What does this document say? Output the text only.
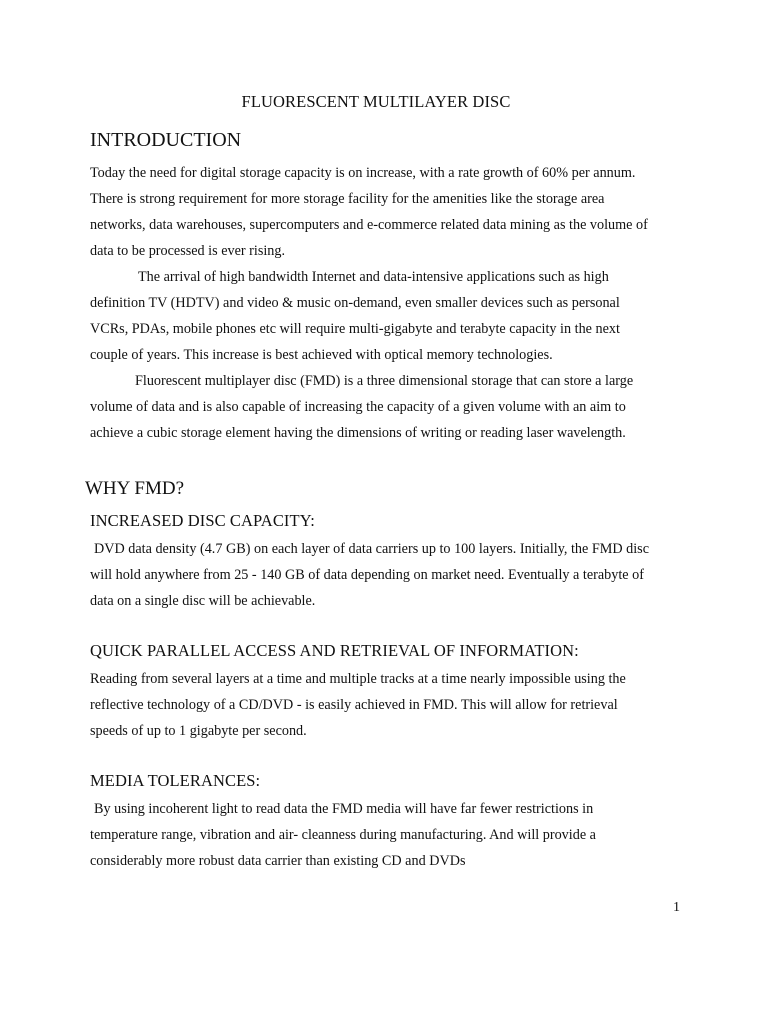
FLUORESCENT MULTILAYER DISC
INTRODUCTION
Today the need for digital storage capacity is on increase, with a rate growth of 60% per annum.
There is strong requirement for more storage facility for the amenities like the storage area
networks, data warehouses, supercomputers and e-commerce related data mining as the volume of
data to be processed is ever rising.
The arrival of high bandwidth Internet and data-intensive applications such as high
definition TV (HDTV) and video & music on-demand, even smaller devices such as personal
VCRs, PDAs, mobile phones etc will require multi-gigabyte and terabyte capacity in the next
couple of years. This increase is best achieved with optical memory technologies.
Fluorescent multiplayer disc (FMD) is a three dimensional storage that can store a large
volume of data and is also capable of increasing the capacity of a given volume with an aim to
achieve a cubic storage element having the dimensions of writing or reading laser wavelength.
WHY FMD?
INCREASED DISC CAPACITY:
DVD data density (4.7 GB) on each layer of data carriers up to 100 layers. Initially, the FMD disc
will hold anywhere from 25 - 140 GB of data depending on market need. Eventually a terabyte of
data on a single disc will be achievable.
QUICK PARALLEL ACCESS AND RETRIEVAL OF INFORMATION:
Reading from several layers at a time and multiple tracks at a time nearly impossible using the
reflective technology of a CD/DVD - is easily achieved in FMD. This will allow for retrieval
speeds of up to 1 gigabyte per second.
MEDIA TOLERANCES:
By using incoherent light to read data the FMD media will have far fewer restrictions in
temperature range, vibration and air- cleanness during manufacturing. And will provide a
considerably more robust data carrier than existing CD and DVDs
1
